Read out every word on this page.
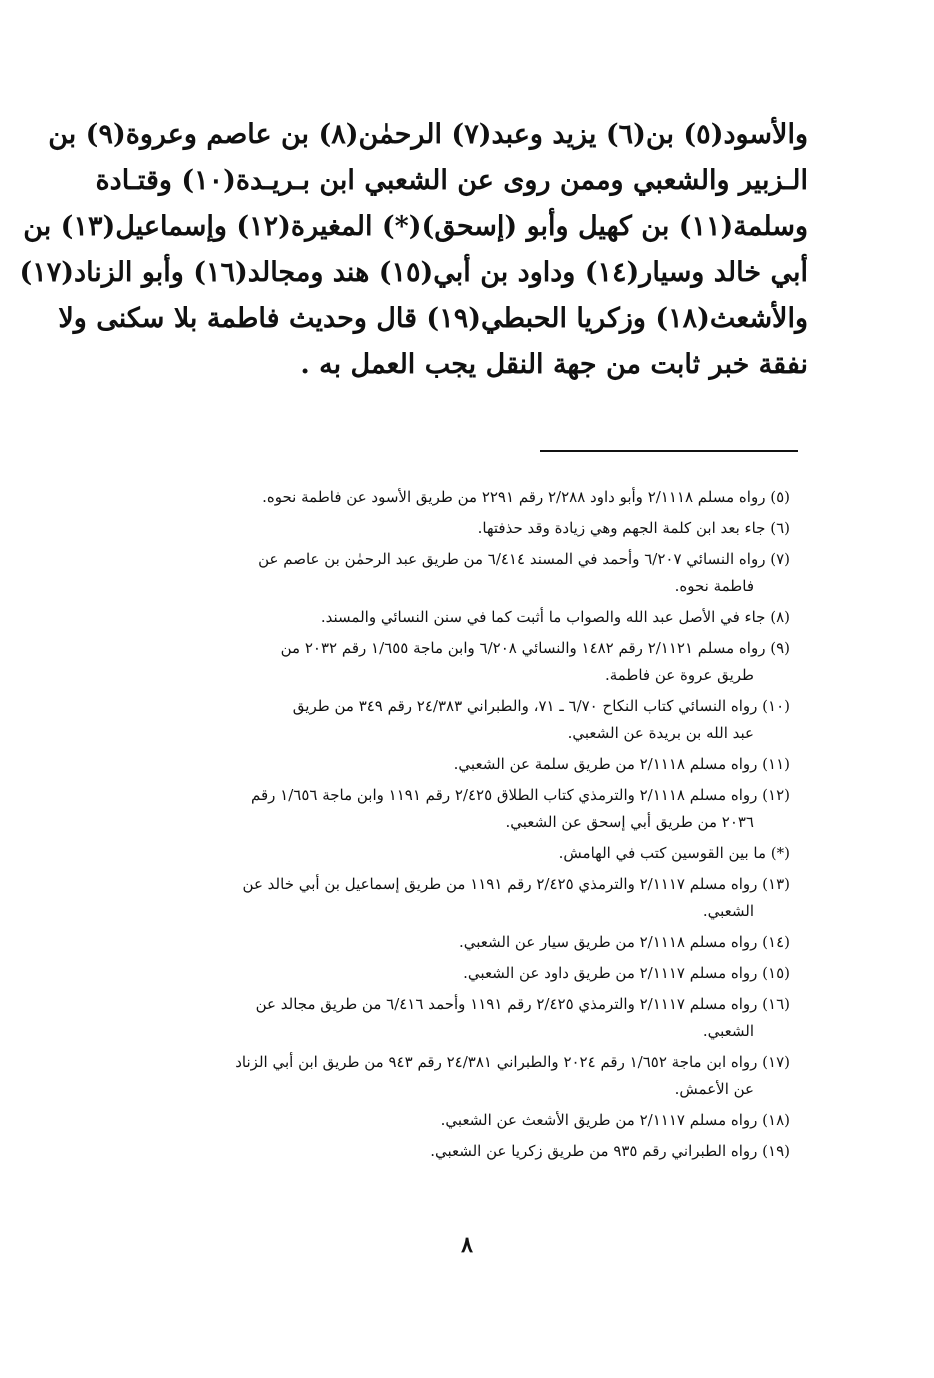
والأسود(٥) بن(٦) يزيد وعبد(٧) الرحمٰن(٨) بن عاصم وعروة(٩) بن
الـزبير والشعبي وممن روى عن الشعبي ابن بـريـدة(١٠) وقتـادة
وسلمة(١١) بن كهيل وأبو (إسحق)(*) المغيرة(١٢) وإسماعيل(١٣) بن
أبي خالد وسيار(١٤) وداود بن أبي(١٥) هند ومجالد(١٦) وأبو الزناد(١٧)
والأشعث(١٨) وزكريا الحبطي(١٩) قال وحديث فاطمة بلا سكنى ولا
نفقة خبر ثابت من جهة النقل يجب العمل به .
(٥) رواه مسلم ٢/١١١٨ وأبو داود ٢/٢٨٨ رقم ٢٢٩١ من طريق الأسود عن فاطمة نحوه.
(٦) جاء بعد ابن كلمة الجهم وهي زيادة وقد حذفتها.
(٧) رواه النسائي ٦/٢٠٧ وأحمد في المسند ٦/٤١٤ من طريق عبد الرحمٰن بن عاصم عن
فاطمة نحوه.
(٨) جاء في الأصل عبد الله والصواب ما أثبت كما في سنن النسائي والمسند.
(٩) رواه مسلم ٢/١١٢١ رقم ١٤٨٢ والنسائي ٦/٢٠٨ وابن ماجة ١/٦٥٥ رقم ٢٠٣٢ من
طريق عروة عن فاطمة.
(١٠) رواه النسائي كتاب النكاح ٦/٧٠ ـ ٧١، والطبراني ٢٤/٣٨٣ رقم ٣٤٩ من طريق
عبد الله بن بريدة عن الشعبي.
(١١) رواه مسلم ٢/١١١٨ من طريق سلمة عن الشعبي.
(١٢) رواه مسلم ٢/١١١٨ والترمذي كتاب الطلاق ٢/٤٢٥ رقم ١١٩١ وابن ماجة ١/٦٥٦ رقم
٢٠٣٦ من طريق أبي إسحق عن الشعبي.
(*) ما بين القوسين كتب في الهامش.
(١٣) رواه مسلم ٢/١١١٧ والترمذي ٢/٤٢٥ رقم ١١٩١ من طريق إسماعيل بن أبي خالد عن
الشعبي.
(١٤) رواه مسلم ٢/١١١٨ من طريق سيار عن الشعبي.
(١٥) رواه مسلم ٢/١١١٧ من طريق داود عن الشعبي.
(١٦) رواه مسلم ٢/١١١٧ والترمذي ٢/٤٢٥ رقم ١١٩١ وأحمد ٦/٤١٦ من طريق مجالد عن
الشعبي.
(١٧) رواه ابن ماجة ١/٦٥٢ رقم ٢٠٢٤ والطبراني ٢٤/٣٨١ رقم ٩٤٣ من طريق ابن أبي الزناد
عن الأعمش.
(١٨) رواه مسلم ٢/١١١٧ من طريق الأشعث عن الشعبي.
(١٩) رواه الطبراني رقم ٩٣٥ من طريق زكريا عن الشعبي.
٨
